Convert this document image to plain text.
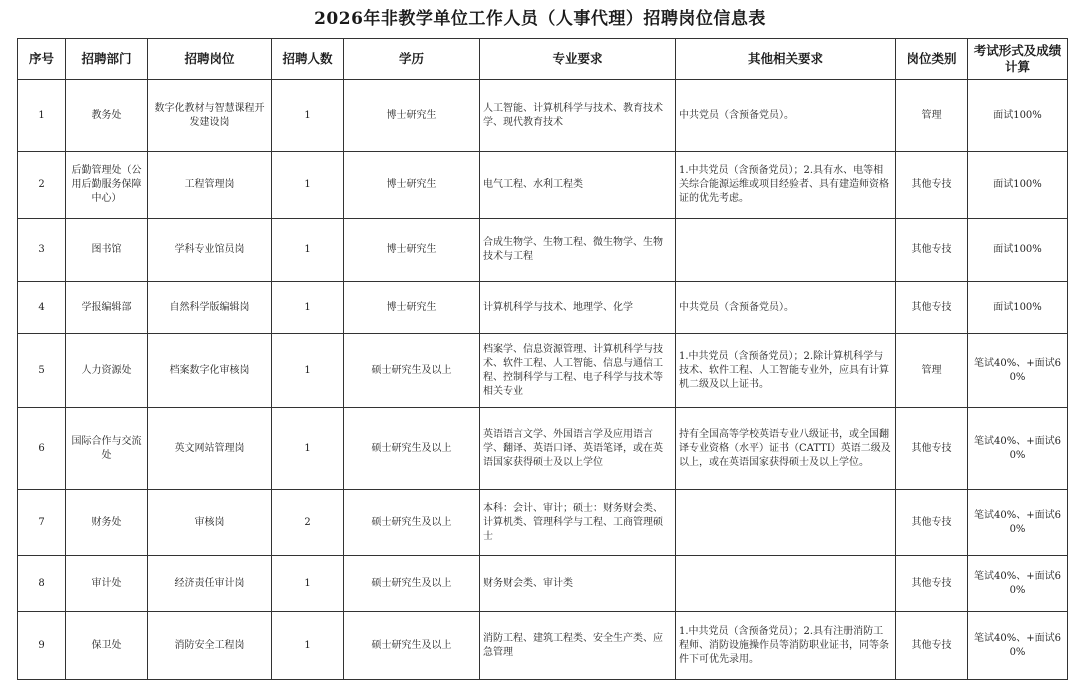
2026年非教学单位工作人员（人事代理）招聘岗位信息表
序号	招聘部门	招聘岗位	招聘人数	学历	专业要求	其他相关要求	岗位类别	考试形式及成绩计算
1	教务处	数字化教材与智慧课程开发建设岗	1	博士研究生	人工智能、计算机科学与技术、教育技术学、现代教育技术	中共党员（含预备党员）。	管理	面试100%
2	后勤管理处（公用后勤服务保障中心）	工程管理岗	1	博士研究生	电气工程、水利工程类	1.中共党员（含预备党员）；2.具有水、电等相关综合能源运维或项目经验者、具有建造师资格证的优先考虑。	其他专技	面试100%
3	图书馆	学科专业馆员岗	1	博士研究生	合成生物学、生物工程、微生物学、生物技术与工程		其他专技	面试100%
4	学报编辑部	自然科学版编辑岗	1	博士研究生	计算机科学与技术、地理学、化学	中共党员（含预备党员）。	其他专技	面试100%
5	人力资源处	档案数字化审核岗	1	硕士研究生及以上	档案学、信息资源管理、计算机科学与技术、软件工程、人工智能、信息与通信工程、控制科学与工程、电子科学与技术等相关专业	1.中共党员（含预备党员）；2.除计算机科学与技术、软件工程、人工智能专业外，应具有计算机二级及以上证书。	管理	笔试40%、+面试60%
6	国际合作与交流处	英文网站管理岗	1	硕士研究生及以上	英语语言文学、外国语言学及应用语言学、翻译、英语口译、英语笔译，或在英语国家获得硕士及以上学位	持有全国高等学校英语专业八级证书，或全国翻译专业资格（水平）证书（CATTI）英语二级及以上，或在英语国家获得硕士及以上学位。	其他专技	笔试40%、+面试60%
7	财务处	审核岗	2	硕士研究生及以上	本科：会计、审计；硕士：财务财会类、计算机类、管理科学与工程、工商管理硕士		其他专技	笔试40%、+面试60%
8	审计处	经济责任审计岗	1	硕士研究生及以上	财务财会类、审计类		其他专技	笔试40%、+面试60%
9	保卫处	消防安全工程岗	1	硕士研究生及以上	消防工程、建筑工程类、安全生产类、应急管理	1.中共党员（含预备党员）；2.具有注册消防工程师、消防设施操作员等消防职业证书，同等条件下可优先录用。	其他专技	笔试40%、+面试60%
